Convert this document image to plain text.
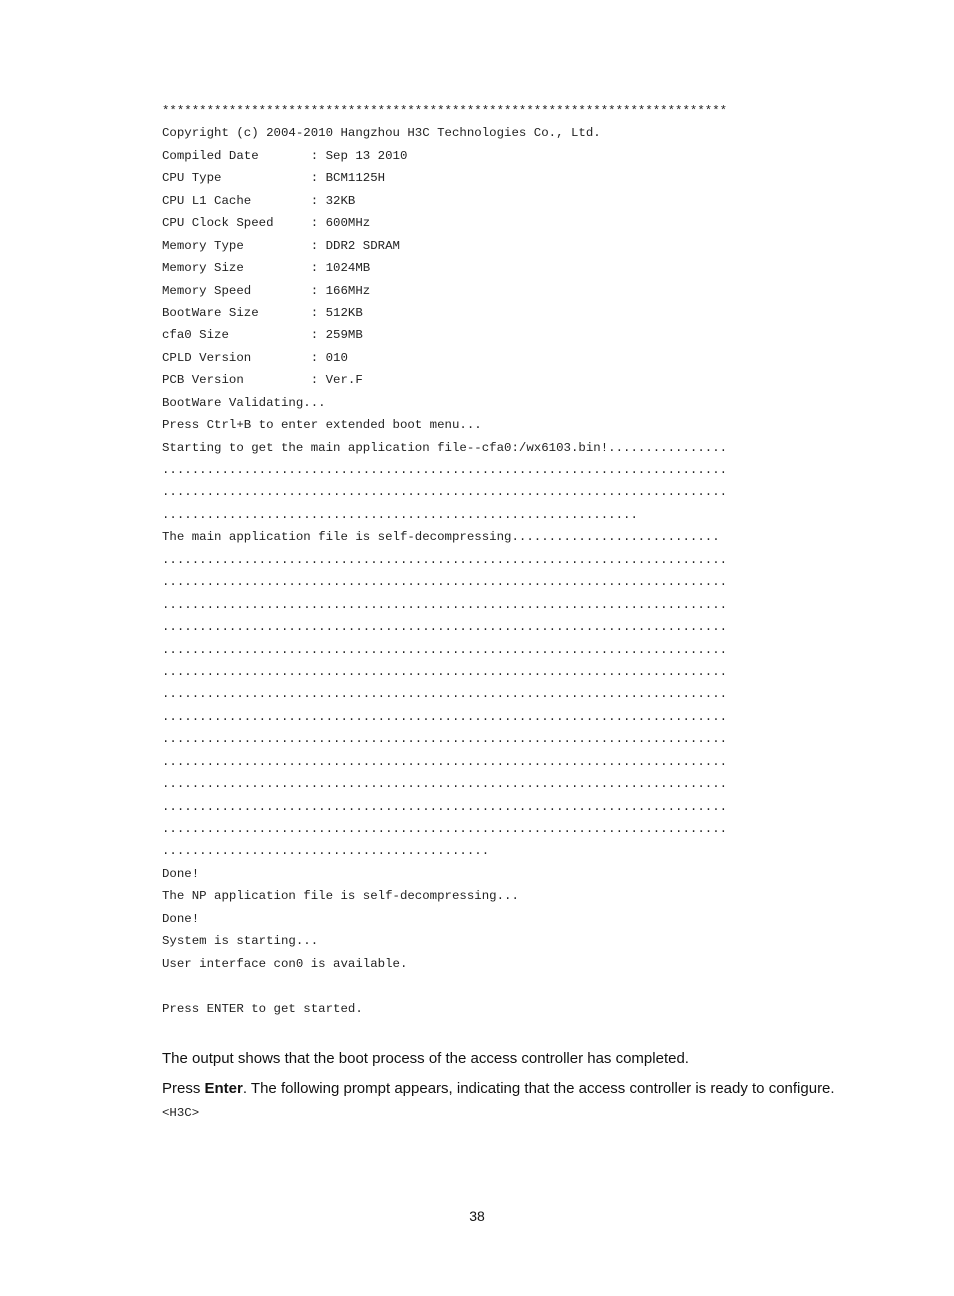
****************************************************************************
Copyright (c) 2004-2010 Hangzhou H3C Technologies Co., Ltd.
Compiled Date       : Sep 13 2010
CPU Type            : BCM1125H
CPU L1 Cache        : 32KB
CPU Clock Speed     : 600MHz
Memory Type         : DDR2 SDRAM
Memory Size         : 1024MB
Memory Speed        : 166MHz
BootWare Size       : 512KB
cfa0 Size           : 259MB
CPLD Version        : 010
PCB Version         : Ver.F
BootWare Validating...
Press Ctrl+B to enter extended boot menu...
Starting to get the main application file--cfa0:/wx6103.bin!................
............................................................................
............................................................................
................................................................
The main application file is self-decompressing............................
............................................................................
............................................................................
............................................................................
............................................................................
............................................................................
............................................................................
............................................................................
............................................................................
............................................................................
............................................................................
............................................................................
............................................................................
............................................................................
............................................
Done!
The NP application file is self-decompressing...
Done!
System is starting...
User interface con0 is available.
Press ENTER to get started.

The output shows that the boot process of the access controller has completed.

Press Enter. The following prompt appears, indicating that the access controller is ready to configure.

<H3C>
38
